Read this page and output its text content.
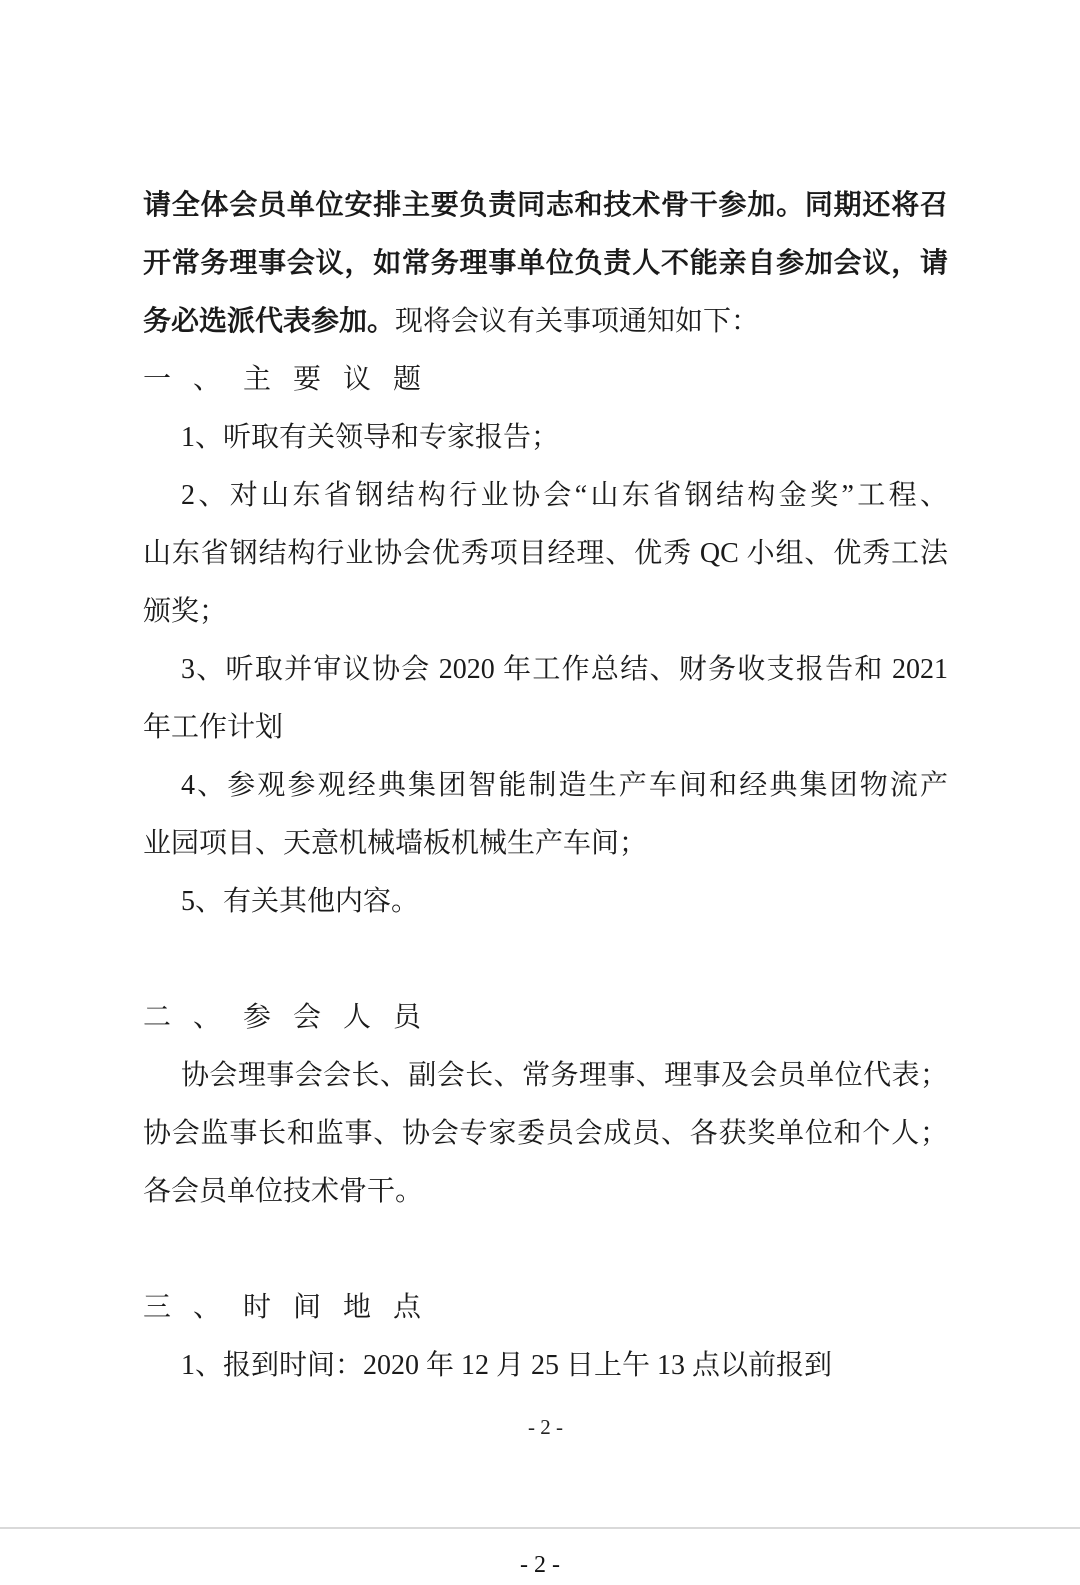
请全体会员单位安排主要负责同志和技术骨干参加。同期还将召
开常务理事会议，如常务理事单位负责人不能亲自参加会议，请
务必选派代表参加。现将会议有关事项通知如下：
一、主要议题
1、听取有关领导和专家报告；
2、对山东省钢结构行业协会“山东省钢结构金奖”工程、
山东省钢结构行业协会优秀项目经理、优秀 QC 小组、优秀工法
颁奖；
3、听取并审议协会 2020 年工作总结、财务收支报告和 2021
年工作计划
4、参观参观经典集团智能制造生产车间和经典集团物流产
业园项目、天意机械墙板机械生产车间；
5、有关其他内容。
二、参会人员
协会理事会会长、副会长、常务理事、理事及会员单位代表；
协会监事长和监事、协会专家委员会成员、各获奖单位和个人；
各会员单位技术骨干。
三、时间地点
1、报到时间：2020 年 12 月 25 日上午 13 点以前报到
- 2 -
- 2 -
